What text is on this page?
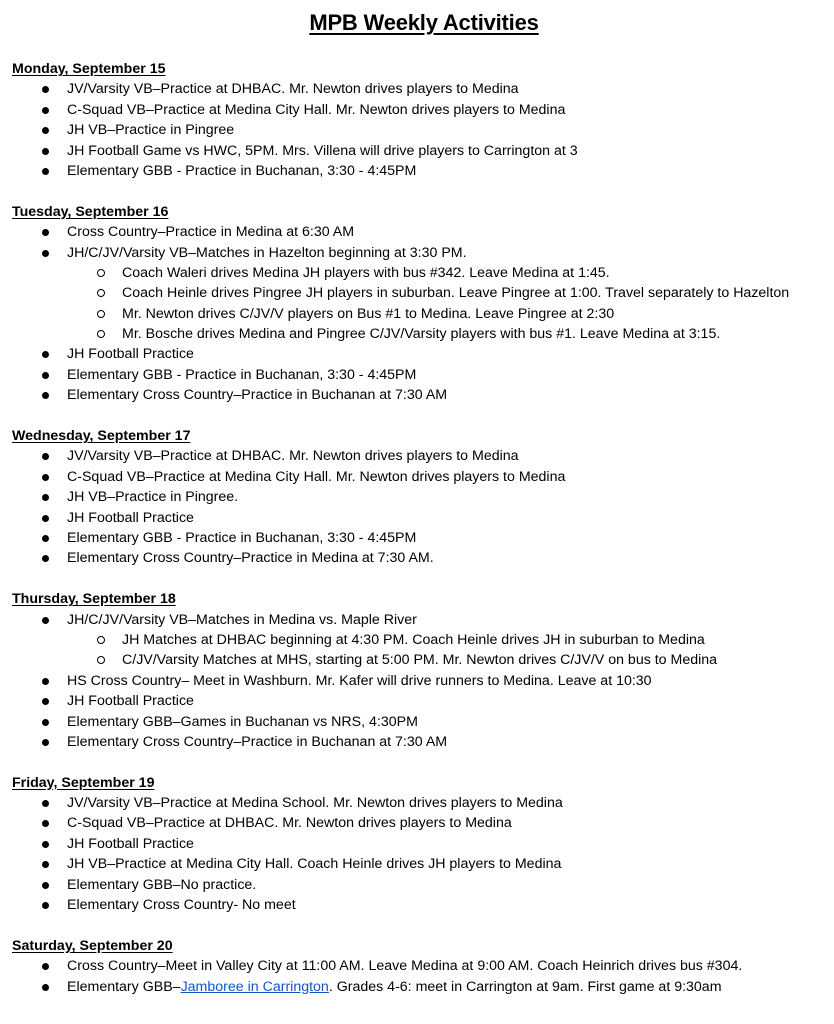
MPB Weekly Activities
Monday, September 15
JV/Varsity VB–Practice at DHBAC. Mr. Newton drives players to Medina
C-Squad VB–Practice at Medina City Hall. Mr. Newton drives players to Medina
JH VB–Practice in Pingree
JH Football Game vs HWC, 5PM. Mrs. Villena will drive players to Carrington at 3
Elementary GBB - Practice in Buchanan, 3:30 - 4:45PM
Tuesday, September 16
Cross Country–Practice in Medina at 6:30 AM
JH/C/JV/Varsity VB–Matches in Hazelton beginning at 3:30 PM.
Coach Waleri drives Medina JH players with bus #342. Leave Medina at 1:45.
Coach Heinle drives Pingree JH players in suburban. Leave Pingree at 1:00. Travel separately to Hazelton
Mr. Newton drives C/JV/V players on Bus #1 to Medina. Leave Pingree at 2:30
Mr. Bosche drives Medina and Pingree C/JV/Varsity players with bus #1. Leave Medina at 3:15.
JH Football Practice
Elementary GBB - Practice in Buchanan, 3:30 - 4:45PM
Elementary Cross Country–Practice in Buchanan at 7:30 AM
Wednesday, September 17
JV/Varsity VB–Practice at DHBAC. Mr. Newton drives players to Medina
C-Squad VB–Practice at Medina City Hall. Mr. Newton drives players to Medina
JH VB–Practice in Pingree.
JH Football Practice
Elementary GBB - Practice in Buchanan, 3:30 - 4:45PM
Elementary Cross Country–Practice in Medina at 7:30 AM.
Thursday, September 18
JH/C/JV/Varsity VB–Matches in Medina vs. Maple River
JH Matches at DHBAC beginning at 4:30 PM. Coach Heinle drives JH in suburban to Medina
C/JV/Varsity Matches at MHS, starting at 5:00 PM. Mr. Newton drives C/JV/V on bus to Medina
HS Cross Country– Meet in Washburn. Mr. Kafer will drive runners to Medina. Leave at 10:30
JH Football Practice
Elementary GBB–Games in Buchanan vs NRS, 4:30PM
Elementary Cross Country–Practice in Buchanan at 7:30 AM
Friday, September 19
JV/Varsity VB–Practice at Medina School. Mr. Newton drives players to Medina
C-Squad VB–Practice at DHBAC. Mr. Newton drives players to Medina
JH Football Practice
JH VB–Practice at Medina City Hall. Coach Heinle drives JH players to Medina
Elementary GBB–No practice.
Elementary Cross Country- No meet
Saturday, September 20
Cross Country–Meet in Valley City at 11:00 AM. Leave Medina at 9:00 AM. Coach Heinrich drives bus #304.
Elementary GBB–Jamboree in Carrington. Grades 4-6: meet in Carrington at 9am. First game at 9:30am
